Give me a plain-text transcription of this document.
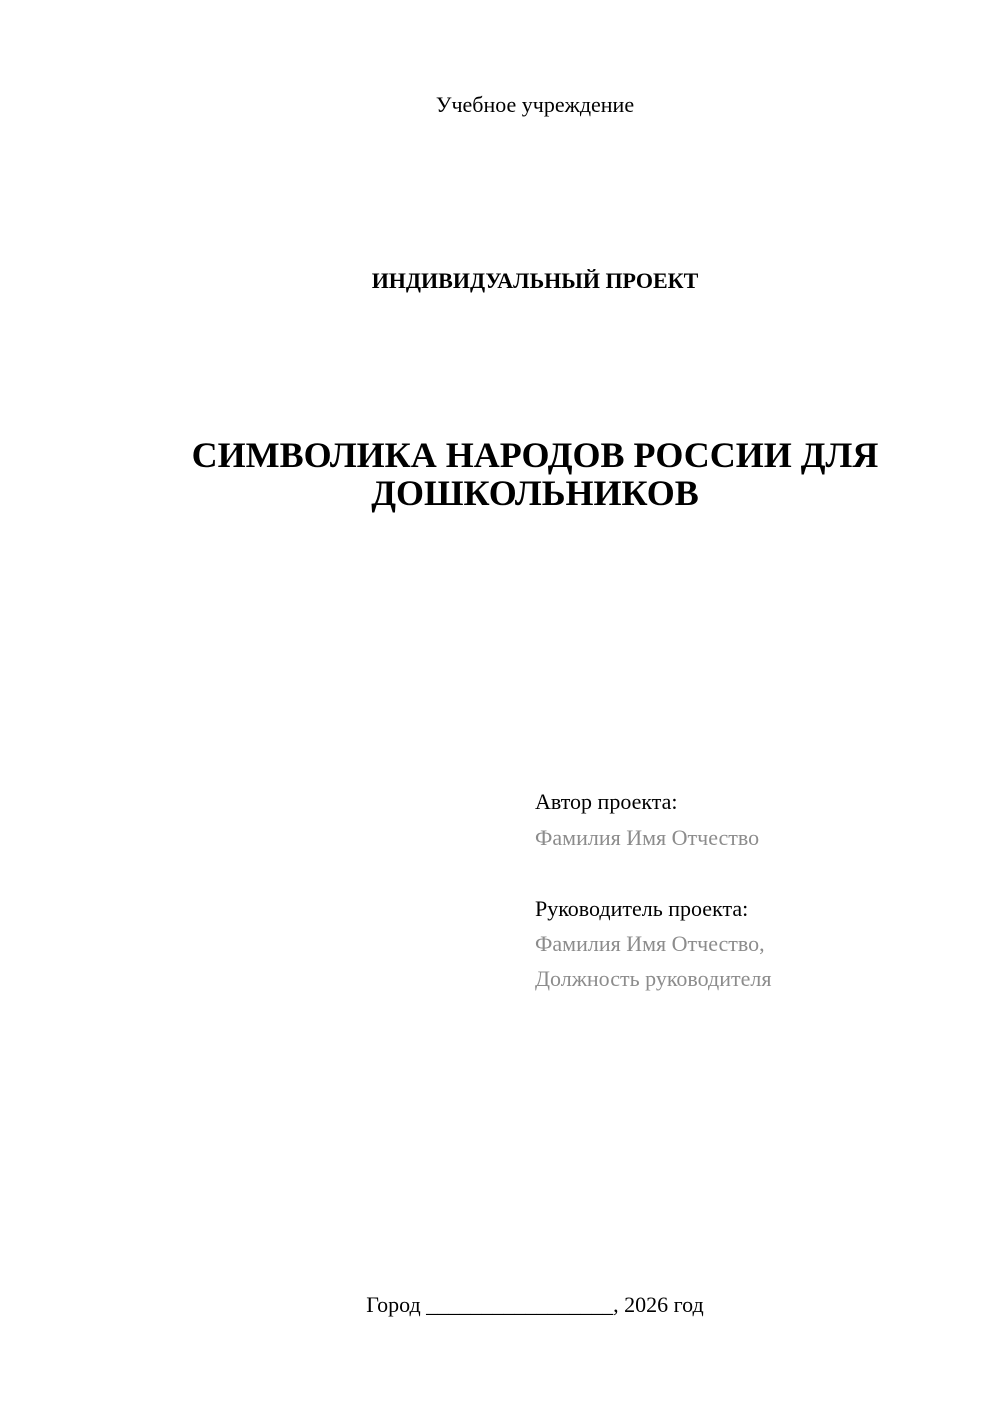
Учебное учреждение
ИНДИВИДУАЛЬНЫЙ ПРОЕКТ
СИМВОЛИКА НАРОДОВ РОССИИ ДЛЯ
ДОШКОЛЬНИКОВ
Автор проекта:
Фамилия Имя Отчество
Руководитель проекта:
Фамилия Имя Отчество,
Должность руководителя
Город _________________, 2026 год
